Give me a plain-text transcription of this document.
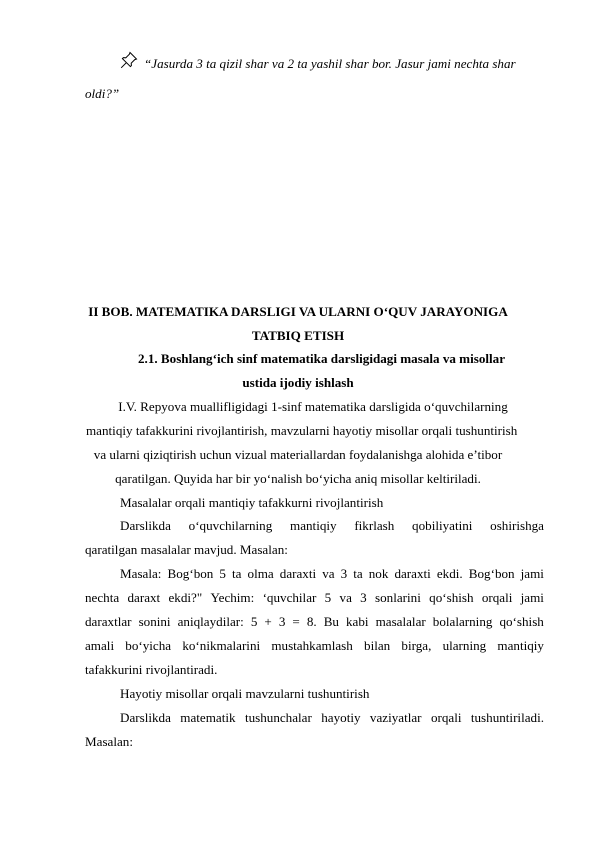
“Jasurda 3 ta qizil shar va 2 ta yashil shar bor. Jasur jami nechta shar
oldi?”
II BOB. MATEMATIKA DARSLIGI VA ULARNI O‘QUV JARAYONIGA
TATBIQ ETISH
2.1. Boshlang‘ich sinf matematika darsligidagi masala va misollar
ustida ijodiy ishlash
I.V. Repyova muallifligidagi 1-sinf matematika darsligida o‘quvchilarning
mantiqiy tafakkurini rivojlantirish, mavzularni hayotiy misollar orqali tushuntirish
va ularni qiziqtirish uchun vizual materiallardan foydalanishga alohida e’tibor
qaratilgan. Quyida har bir yo‘nalish bo‘yicha aniq misollar keltiriladi.
Masalalar orqali mantiqiy tafakkurni rivojlantirish
Darslikda o‘quvchilarning mantiqiy fikrlash qobiliyatini oshirishga
qaratilgan masalalar mavjud. Masalan:
Masala: Bog‘bon 5 ta olma daraxti va 3 ta nok daraxti ekdi. Bog‘bon jami
nechta daraxt ekdi?" Yechim: ‘quvchilar 5 va 3 sonlarini qo‘shish orqali jami
daraxtlar sonini aniqlaydilar: 5 + 3 = 8. Bu kabi masalalar bolalarning qo‘shish
amali bo‘yicha ko‘nikmalarini mustahkamlash bilan birga, ularning mantiqiy
tafakkurini rivojlantiradi.
Hayotiy misollar orqali mavzularni tushuntirish
Darslikda matematik tushunchalar hayotiy vaziyatlar orqali tushuntiriladi.
Masalan:
